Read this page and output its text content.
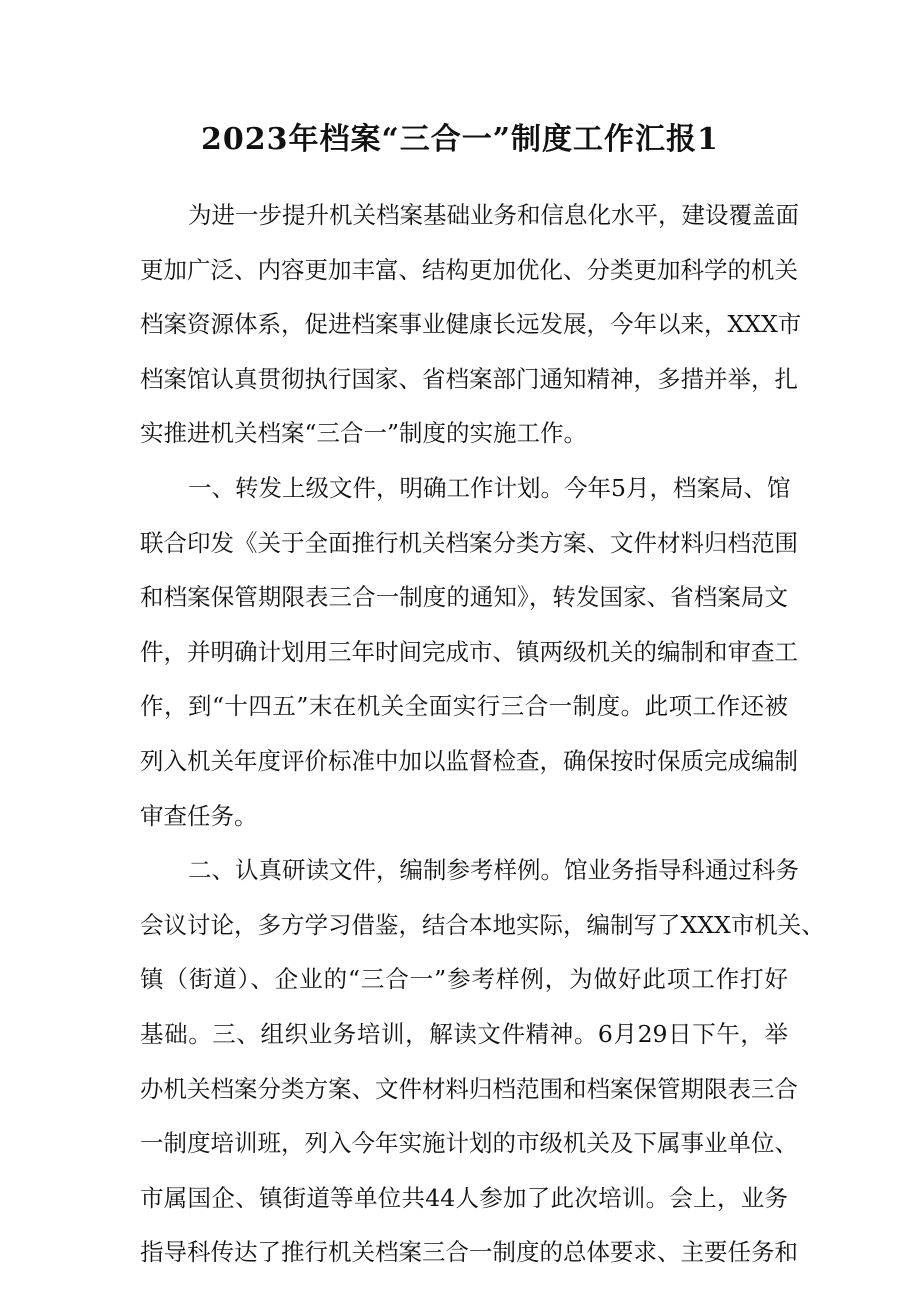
2023年档案“三合一”制度工作汇报1
为进一步提升机关档案基础业务和信息化水平，建设覆盖面
更加广泛、内容更加丰富、结构更加优化、分类更加科学的机关
档案资源体系，促进档案事业健康长远发展，今年以来，XXX市
档案馆认真贯彻执行国家、省档案部门通知精神，多措并举，扎
实推进机关档案“三合一”制度的实施工作。
一、转发上级文件，明确工作计划。今年5月，档案局、馆
联合印发《关于全面推行机关档案分类方案、文件材料归档范围
和档案保管期限表三合一制度的通知》，转发国家、省档案局文
件，并明确计划用三年时间完成市、镇两级机关的编制和审查工
作，到“十四五”末在机关全面实行三合一制度。此项工作还被
列入机关年度评价标准中加以监督检查，确保按时保质完成编制
审查任务。
二、认真研读文件，编制参考样例。馆业务指导科通过科务
会议讨论，多方学习借鉴，结合本地实际，编制写了XXX市机关、
镇（街道）、企业的“三合一”参考样例，为做好此项工作打好
基础。三、组织业务培训，解读文件精神。6月29日下午，举
办机关档案分类方案、文件材料归档范围和档案保管期限表三合
一制度培训班，列入今年实施计划的市级机关及下属事业单位、
市属国企、镇街道等单位共44人参加了此次培训。会上，业务
指导科传达了推行机关档案三合一制度的总体要求、主要任务和
